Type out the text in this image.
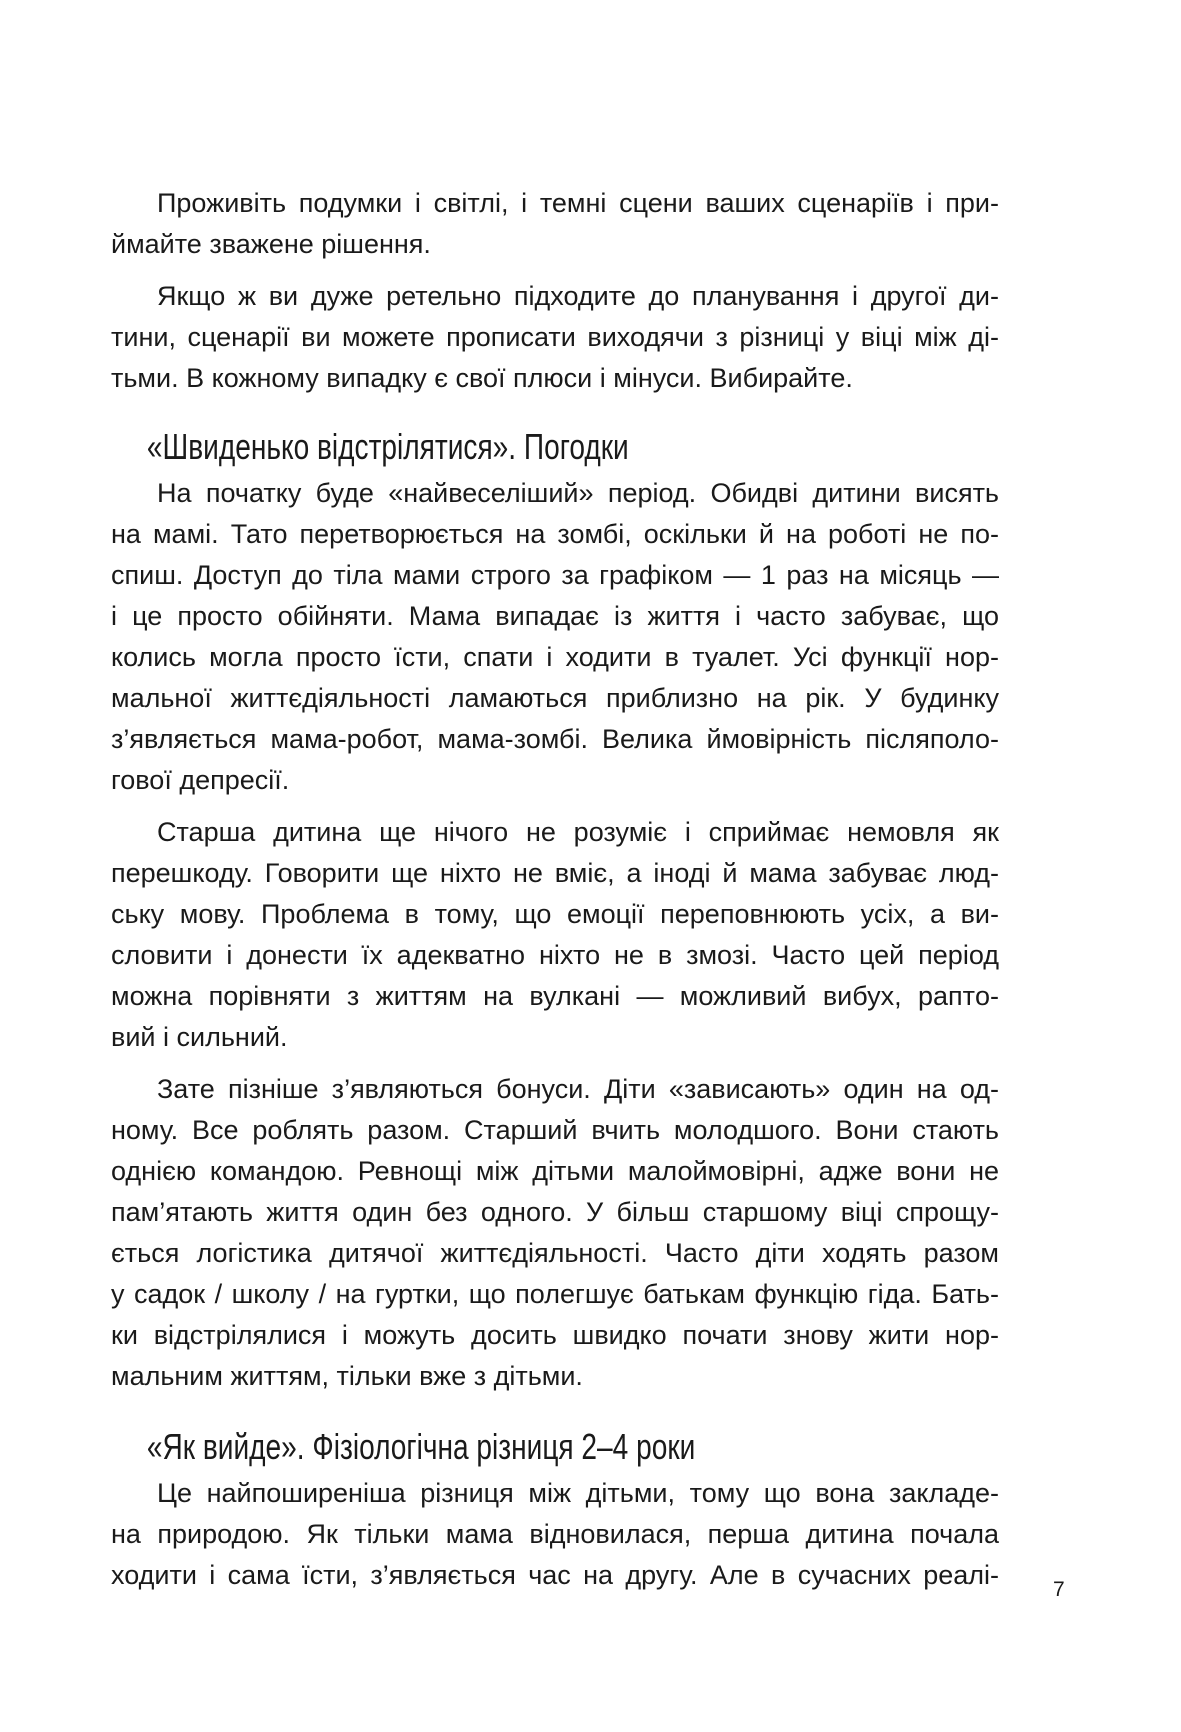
Проживіть подумки і світлі, і темні сцени ваших сценаріїв і при-
ймайте зважене рішення.
Якщо ж ви дуже ретельно підходите до планування і другої ди-
тини, сценарії ви можете прописати виходячи з різниці у віці між ді-
тьми. В кожному випадку є свої плюси і мінуси. Вибирайте.
«Швиденько відстрілятися». Погодки
На початку буде «найвеселіший» період. Обидві дитини висять
на мамі. Тато перетворюється на зомбі, оскільки й на роботі не по-
спиш. Доступ до тіла мами строго за графіком — 1 раз на місяць —
і це просто обійняти. Мама випадає із життя і часто забуває, що
колись могла просто їсти, спати і ходити в туалет. Усі функції нор-
мальної життєдіяльності ламаються приблизно на рік. У будинку
з’являється мама-робот, мама-зомбі. Велика ймовірність післяполо-
гової депресії.
Старша дитина ще нічого не розуміє і сприймає немовля як
перешкоду. Говорити ще ніхто не вміє, а іноді й мама забуває люд-
ську мову. Проблема в тому, що емоції переповнюють усіх, а ви-
словити і донести їх адекватно ніхто не в змозі. Часто цей період
можна порівняти з життям на вулкані — можливий вибух, раптo-
вий і сильний.
Зате пізніше з’являються бонуси. Діти «зависають» один на од-
ному. Все роблять разом. Старший вчить молодшого. Вони стають
однією командою. Ревнощі між дітьми малоймовірні, адже вони не
пам’ятають життя один без одного. У більш старшому віці спрощу-
ється логістика дитячої життєдіяльності. Часто діти ходять разом
у садок / школу / на гуртки, що полегшує батькам функцію гіда. Бать-
ки відстрілялися і можуть досить швидко почати знову жити нор-
мальним життям, тільки вже з дітьми.
«Як вийде». Фізіологічна різниця 2–4 роки
Це найпоширеніша різниця між дітьми, тому що вона закладе-
на природою. Як тільки мама відновилася, перша дитина почала
ходити і сама їсти, з’являється час на другу. Але в сучасних реалі-	7
